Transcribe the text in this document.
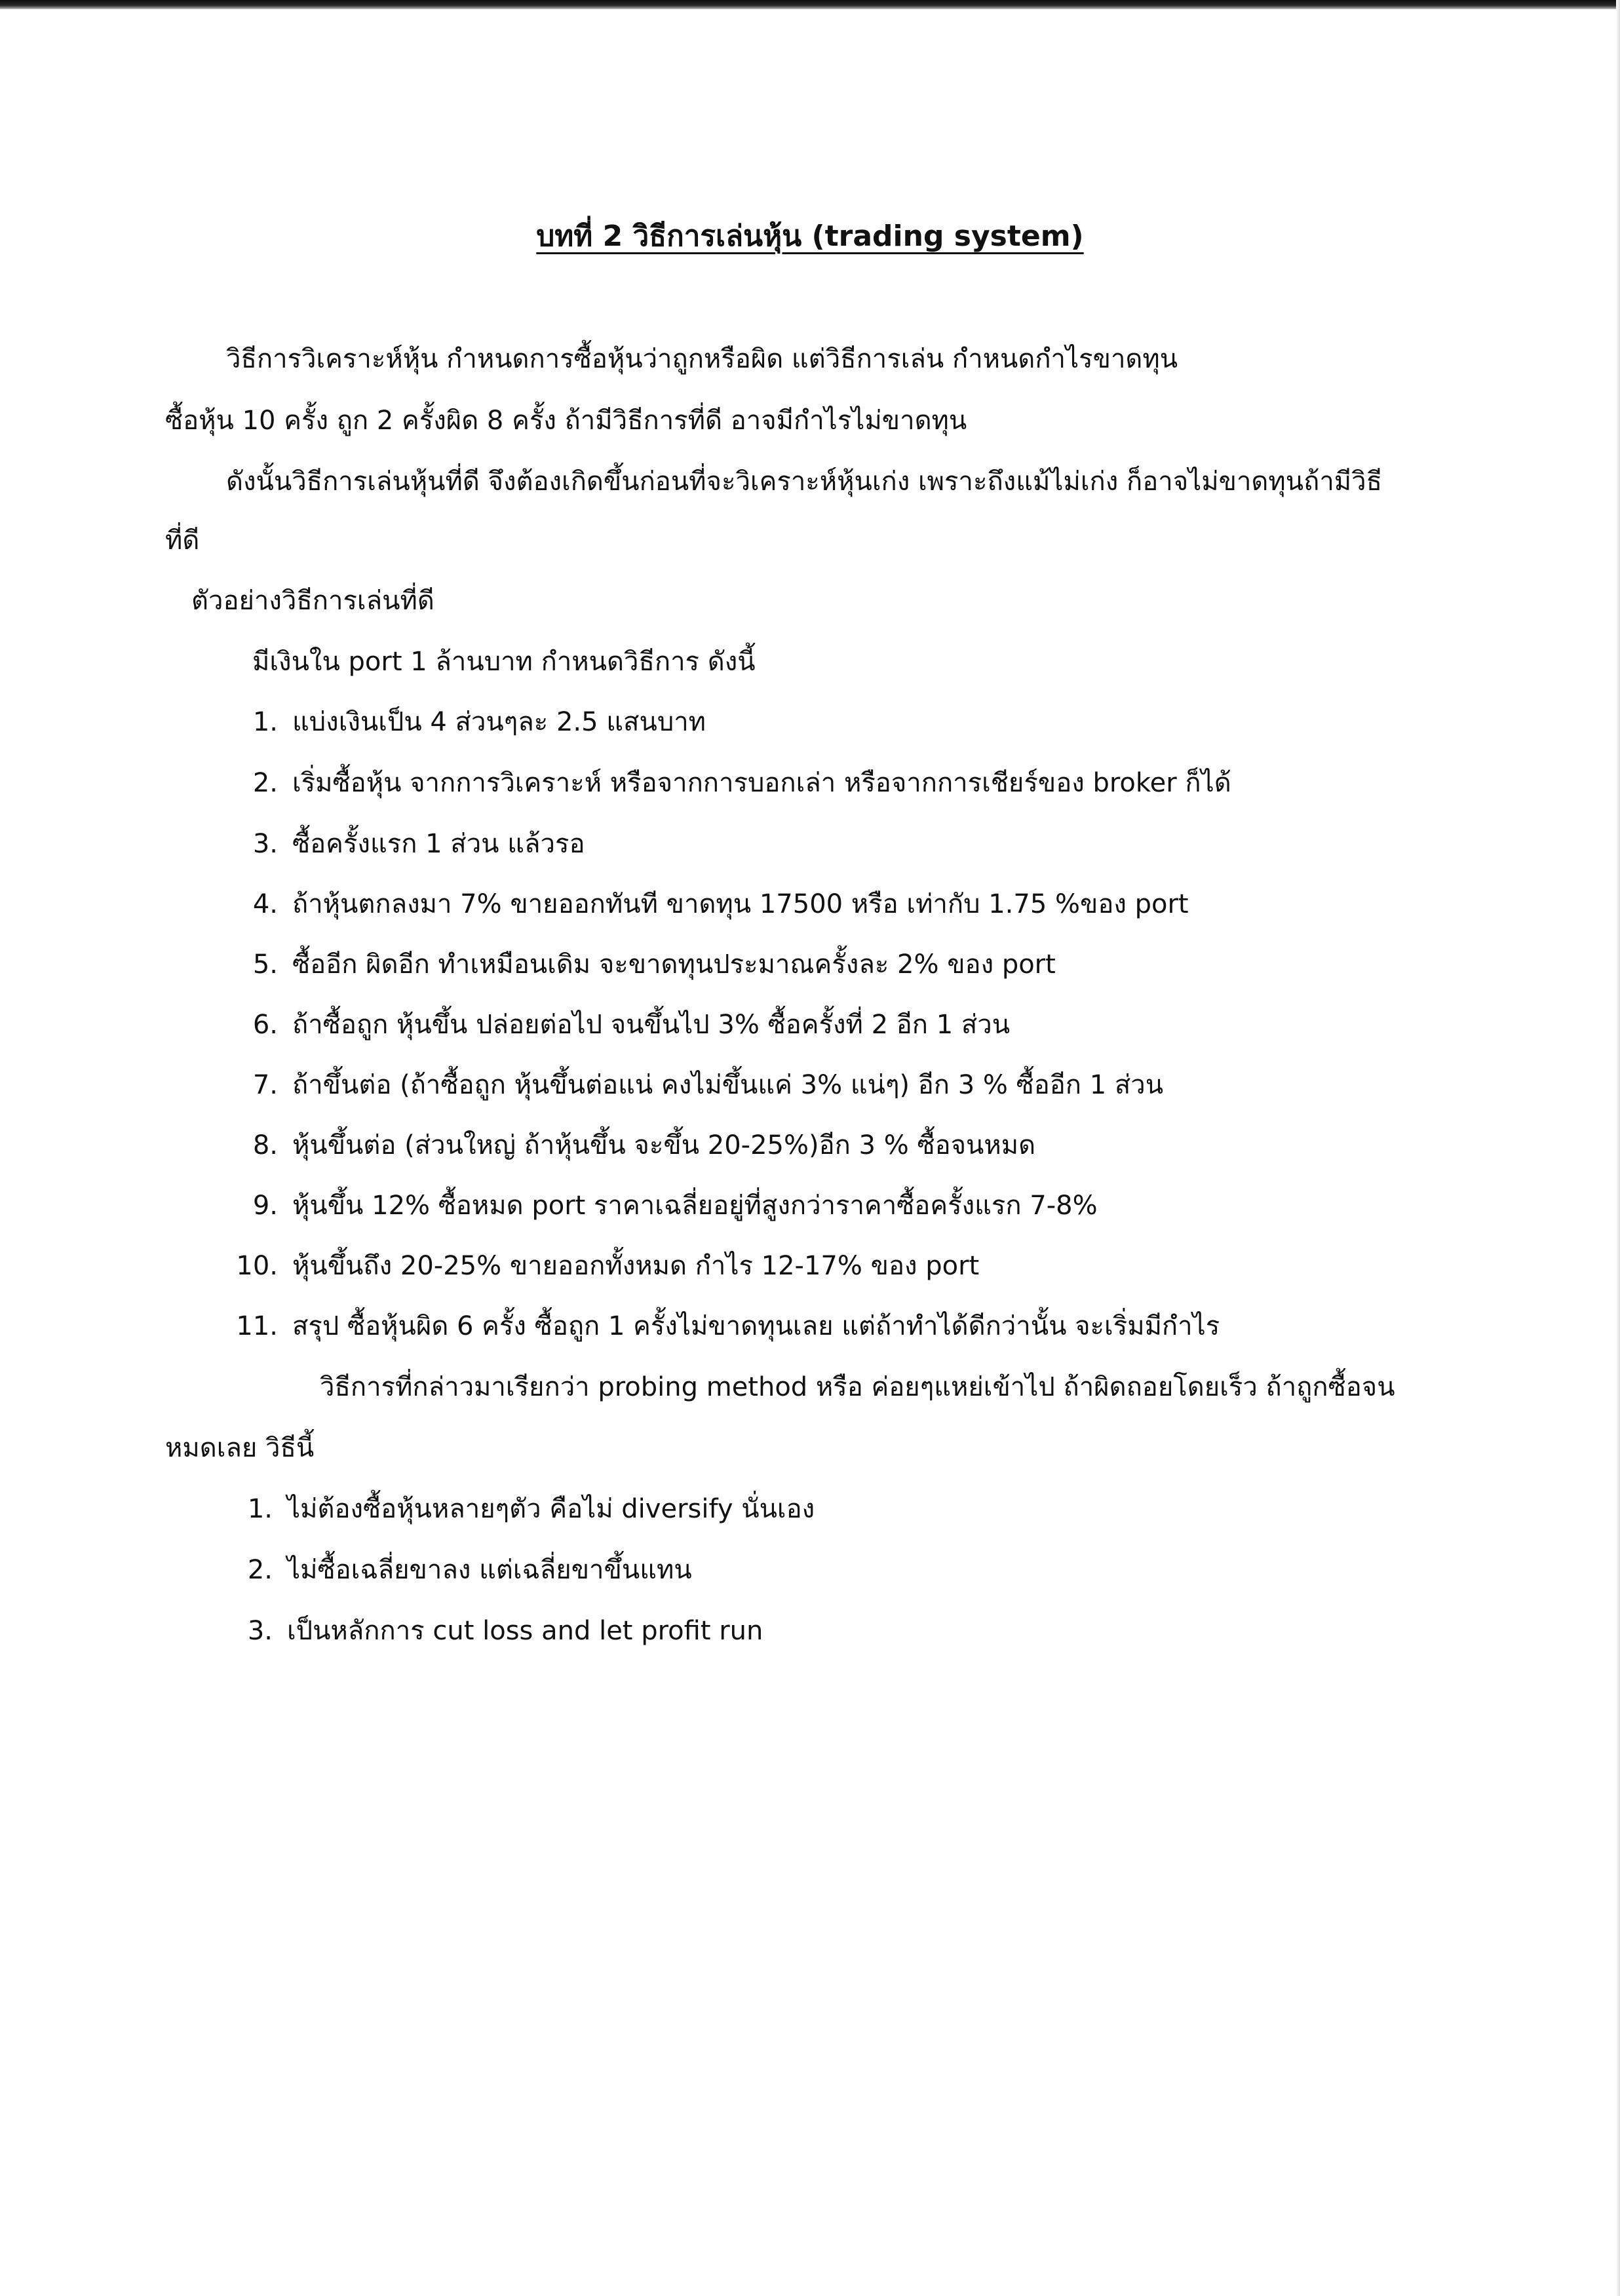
บทที่ 2 วิธีการเล่นหุ้น (trading system)
วิธีการวิเคราะห์หุ้น กำหนดการซื้อหุ้นว่าถูกหรือผิด แต่วิธีการเล่น กำหนดกำไรขาดทุน
ซื้อหุ้น 10 ครั้ง ถูก 2 ครั้งผิด 8 ครั้ง ถ้ามีวิธีการที่ดี อาจมีกำไรไม่ขาดทุน
ดังนั้นวิธีการเล่นหุ้นที่ดี จึงต้องเกิดขึ้นก่อนที่จะวิเคราะห์หุ้นเก่ง เพราะถึงแม้ไม่เก่ง ก็อาจไม่ขาดทุนถ้ามีวิธี
ที่ดี
ตัวอย่างวิธีการเล่นที่ดี
มีเงินใน port 1 ล้านบาท กำหนดวิธีการ ดังนี้
1. แบ่งเงินเป็น 4 ส่วนๆละ 2.5 แสนบาท
2. เริ่มซื้อหุ้น จากการวิเคราะห์ หรือจากการบอกเล่า หรือจากการเชียร์ของ broker ก็ได้
3. ซื้อครั้งแรก 1 ส่วน แล้วรอ
4. ถ้าหุ้นตกลงมา 7% ขายออกทันที ขาดทุน 17500 หรือ เท่ากับ 1.75 %ของ port
5. ซื้ออีก ผิดอีก ทำเหมือนเดิม จะขาดทุนประมาณครั้งละ 2% ของ port
6. ถ้าซื้อถูก หุ้นขึ้น ปล่อยต่อไป จนขึ้นไป 3% ซื้อครั้งที่ 2 อีก 1 ส่วน
7. ถ้าขึ้นต่อ (ถ้าซื้อถูก หุ้นขึ้นต่อแน่ คงไม่ขึ้นแค่ 3% แน่ๆ) อีก 3 % ซื้ออีก 1 ส่วน
8. หุ้นขึ้นต่อ (ส่วนใหญ่ ถ้าหุ้นขึ้น จะขึ้น 20-25%)อีก 3 % ซื้อจนหมด
9. หุ้นขึ้น 12% ซื้อหมด port ราคาเฉลี่ยอยู่ที่สูงกว่าราคาซื้อครั้งแรก 7-8%
10. หุ้นขึ้นถึง 20-25% ขายออกทั้งหมด กำไร 12-17% ของ port
11. สรุป ซื้อหุ้นผิด 6 ครั้ง ซื้อถูก 1 ครั้งไม่ขาดทุนเลย แต่ถ้าทำได้ดีกว่านั้น จะเริ่มมีกำไร
วิธีการที่กล่าวมาเรียกว่า probing method หรือ ค่อยๆแหย่เข้าไป ถ้าผิดถอยโดยเร็ว ถ้าถูกซื้อจน
หมดเลย วิธีนี้
1. ไม่ต้องซื้อหุ้นหลายๆตัว คือไม่ diversify นั่นเอง
2. ไม่ซื้อเฉลี่ยขาลง แต่เฉลี่ยขาขึ้นแทน
3. เป็นหลักการ cut loss and let profit run
